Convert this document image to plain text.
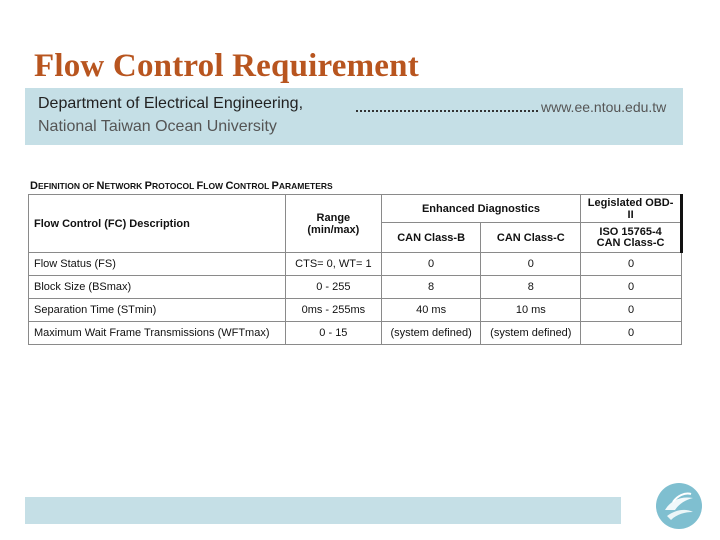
Flow Control Requirement
Department of Electrical Engineering,	www.ee.ntou.edu.tw
National Taiwan Ocean University
DEFINITION OF NETWORK PROTOCOL FLOW CONTROL PARAMETERS
Flow Control (FC) Description	Range (min/max)	Enhanced Diagnostics		Legislated OBD-II
		CAN Class-B	CAN Class-C	ISO 15765-4
CAN Class-C

Flow Status (FS)	CTS= 0, WT= 1	0	0	0
Block Size (BSmax)	0 - 255	8	8	0
Separation Time (STmin)	0ms - 255ms	40 ms	10 ms	0
Maximum Wait Frame Transmissions (WFTmax)	0 - 15	(system defined)	(system defined)	0
